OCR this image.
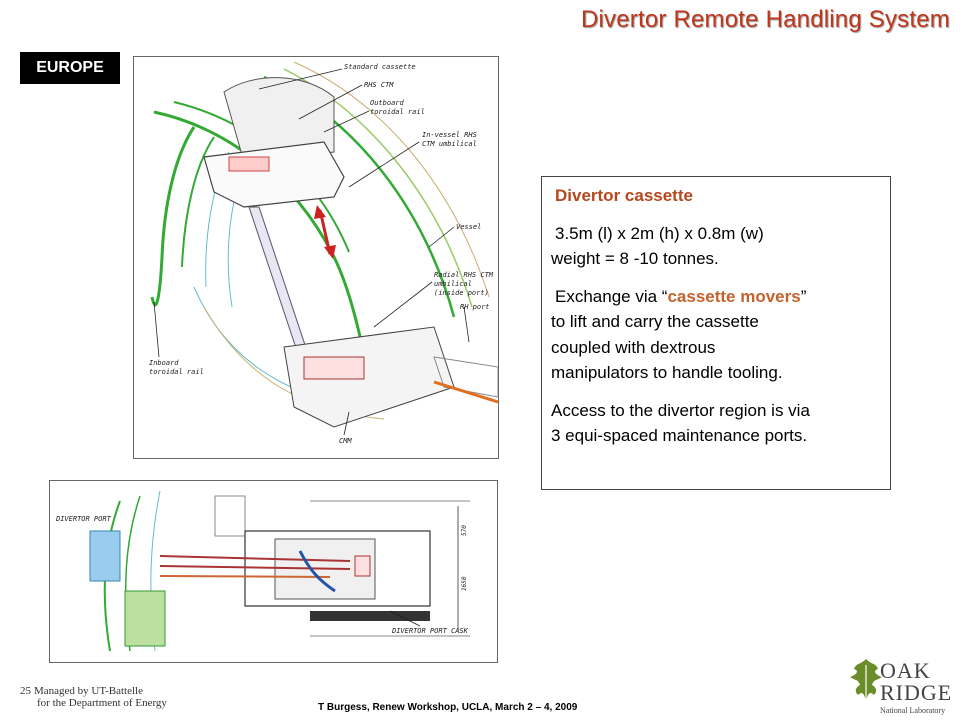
Divertor Remote Handling System
EUROPE	Standard cassette
RHS CTM
Outboard
toroidal rail
In-vessel RHS
CTM umbilical
Vessel
Radial RHS CTM
umbilical
(inside port)
RH port
Inboard
toroidal rail
CMM
DIVERTOR PORT
DIVERTOR PORT CASK
570
1650
Divertor cassette
3.5m (l) x 2m (h) x 0.8m (w)
weight = 8 -10 tonnes.
Exchange via “cassette movers”
to lift and carry the cassette
coupled with dextrous
manipulators to handle tooling.
Access to the divertor region is via
3 equi-spaced maintenance ports.
25 Managed by UT-Battelle
for the Department of Energy	T Burgess, Renew Workshop, UCLA, March 2 – 4, 2009
OAK
RIDGE
National Laboratory
